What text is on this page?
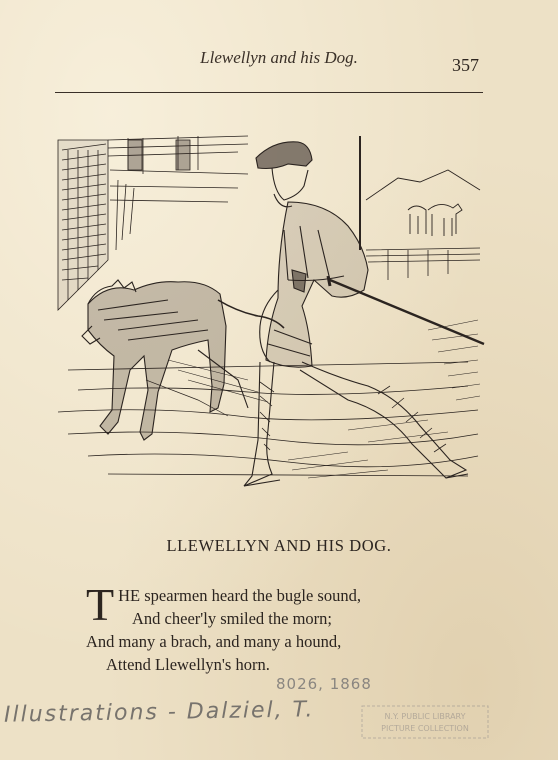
Llewellyn and his Dog.	357
LLEWELLYN AND HIS DOG.
T HE spearmen heard the bugle sound,
And cheer'ly smiled the morn;
And many a brach, and many a hound,
Attend Llewellyn's horn.
8026, 1868
Illustrations - Dalziel, T.	N.Y. PUBLIC LIBRARY
PICTURE COLLECTION
